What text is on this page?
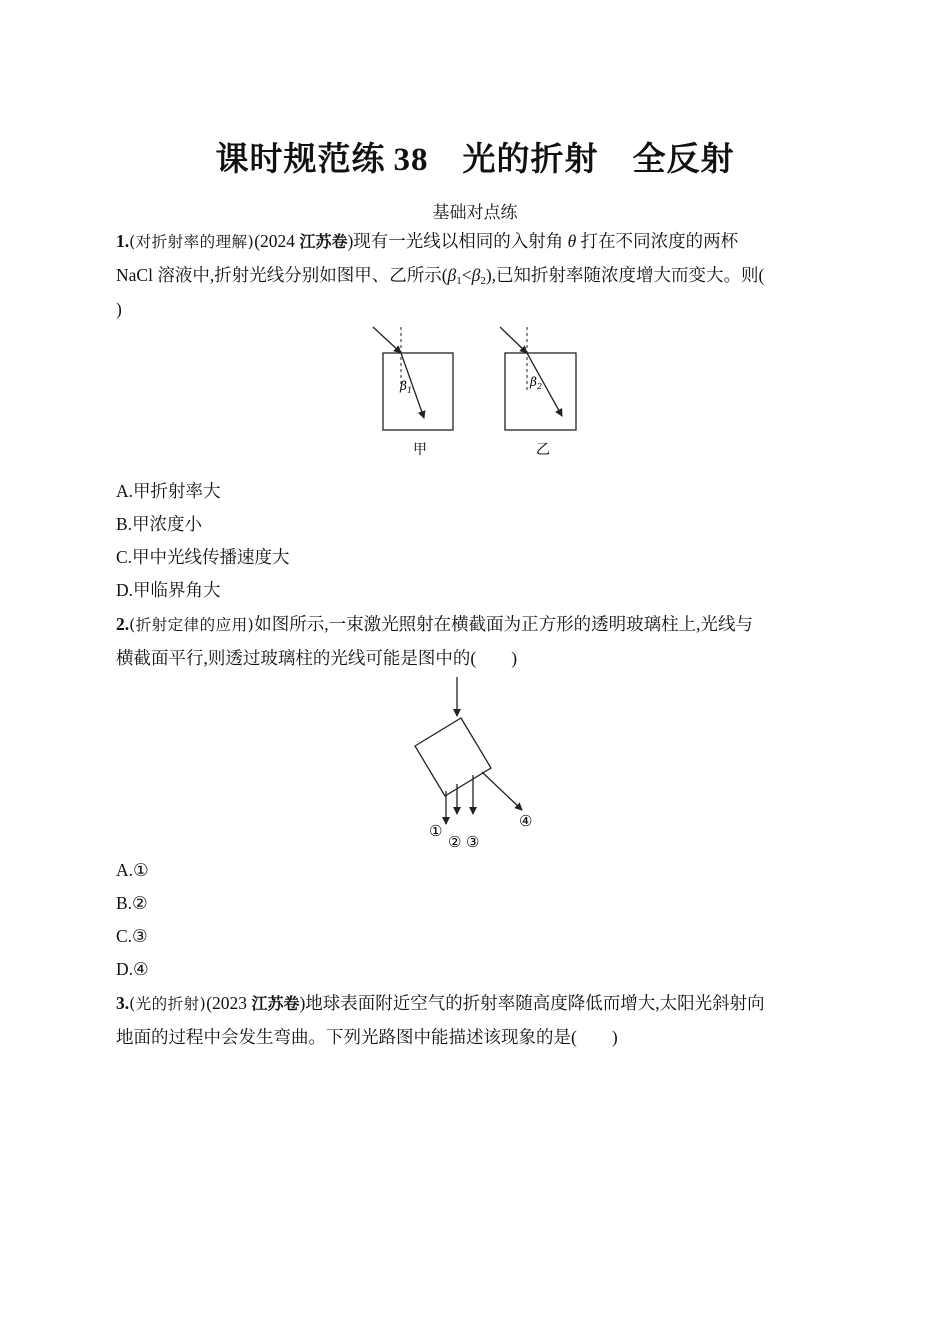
课时规范练 38 光的折射 全反射
基础对点练
1.(对折射率的理解)(2024 江苏卷)现有一光线以相同的入射角 θ 打在不同浓度的两杯
NaCl 溶液中,折射光线分别如图甲、乙所示$(\beta_1<\beta_2)$,已知折射率随浓度增大而变大。则(
)
$\beta_1$
甲
$\beta_2$
乙
A.甲折射率大
B.甲浓度小
C.甲中光线传播速度大
D.甲临界角大
2.(折射定律的应用)如图所示,一束激光照射在横截面为正方形的透明玻璃柱上,光线与
横截面平行,则透过玻璃柱的光线可能是图中的(　　)
①
② ③
④
A.①
B.②
C.③
D.④
3.(光的折射)(2023 江苏卷)地球表面附近空气的折射率随高度降低而增大,太阳光斜射向
地面的过程中会发生弯曲。下列光路图中能描述该现象的是(　　)
